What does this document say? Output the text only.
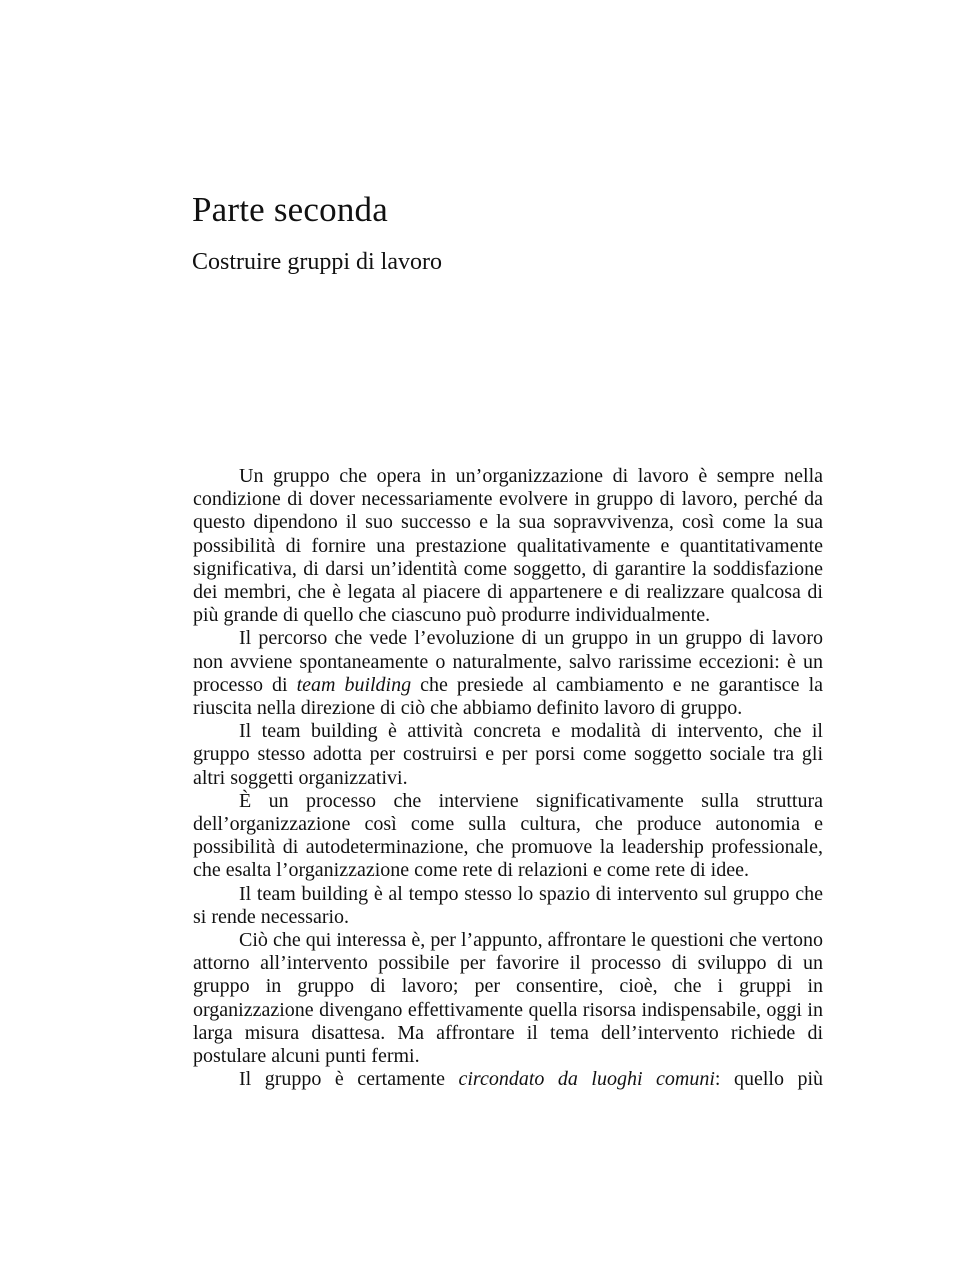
Parte seconda
Costruire gruppi di lavoro

Un gruppo che opera in un’organizzazione di lavoro è sempre nella condizione di dover necessariamente evolvere in gruppo di lavoro, perché da questo dipendono il suo successo e la sua sopravvivenza, così come la sua possibilità di fornire una prestazione qualitativamente e quantitativamente significativa, di darsi un’identità come soggetto, di garantire la soddisfazione dei membri, che è legata al piacere di appartenere e di realizzare qualcosa di più grande di quello che ciascuno può produrre individualmente.

Il percorso che vede l’evoluzione di un gruppo in un gruppo di lavoro non avviene spontaneamente o naturalmente, salvo rarissime eccezioni: è un processo di team building che presiede al cambiamento e ne garantisce la riuscita nella direzione di ciò che abbiamo definito lavoro di gruppo.

Il team building è attività concreta e modalità di intervento, che il gruppo stesso adotta per costruirsi e per porsi come soggetto sociale tra gli altri soggetti organizzativi.

È un processo che interviene significativamente sulla struttura dell’organizzazione così come sulla cultura, che produce autonomia e possibilità di autodeterminazione, che promuove la leadership professionale, che esalta l’organizzazione come rete di relazioni e come rete di idee.

Il team building è al tempo stesso lo spazio di intervento sul gruppo che si rende necessario.

Ciò che qui interessa è, per l’appunto, affrontare le questioni che vertono attorno all’intervento possibile per favorire il processo di sviluppo di un gruppo in gruppo di lavoro; per consentire, cioè, che i gruppi in organizzazione divengano effettivamente quella risorsa indispensabile, oggi in larga misura disattesa. Ma affrontare il tema dell’intervento richiede di postulare alcuni punti fermi.

Il gruppo è certamente circondato da luoghi comuni: quello più
